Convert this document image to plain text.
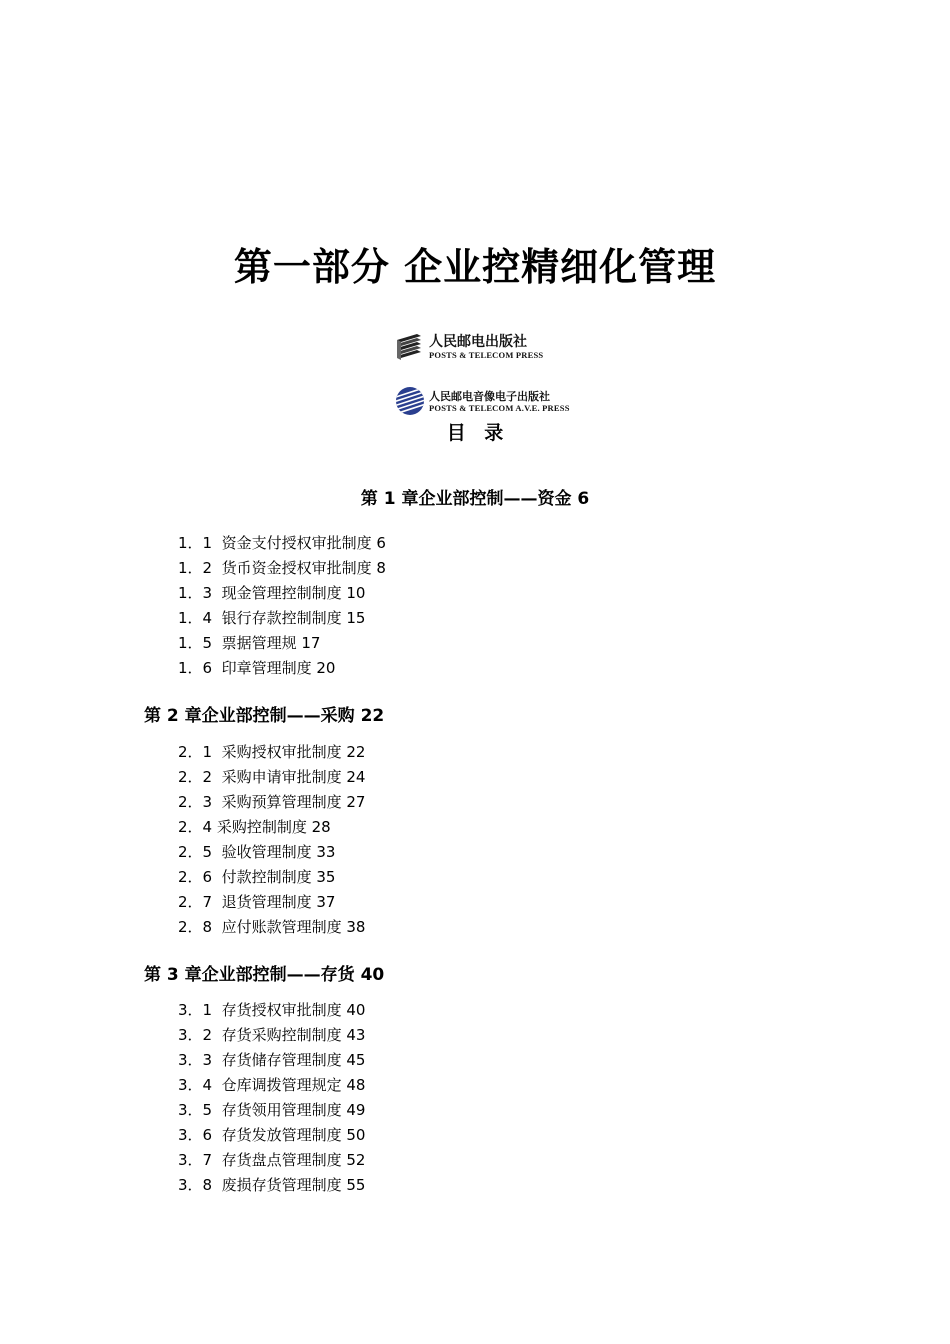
第一部分 企业控精细化管理
人民邮电出版社
POSTS & TELECOM PRESS
人民邮电音像电子出版社
POSTS & TELECOM A.V.E. PRESS
目 录
第 1 章企业部控制——资金 6
1．1  资金支付授权审批制度 6
1．2  货币资金授权审批制度 8
1．3  现金管理控制制度 10
1．4  银行存款控制制度 15
1．5  票据管理规 17
1．6  印章管理制度 20
第 2 章企业部控制——采购 22
2．1  采购授权审批制度 22
2．2  采购申请审批制度 24
2．3  采购预算管理制度 27
2．4 采购控制制度 28
2．5  验收管理制度 33
2．6  付款控制制度 35
2．7  退货管理制度 37
2．8  应付账款管理制度 38
第 3 章企业部控制——存货 40
3．1  存货授权审批制度 40
3．2  存货采购控制制度 43
3．3  存货储存管理制度 45
3．4  仓库调拨管理规定 48
3．5  存货领用管理制度 49
3．6  存货发放管理制度 50
3．7  存货盘点管理制度 52
3．8  废损存货管理制度 55
